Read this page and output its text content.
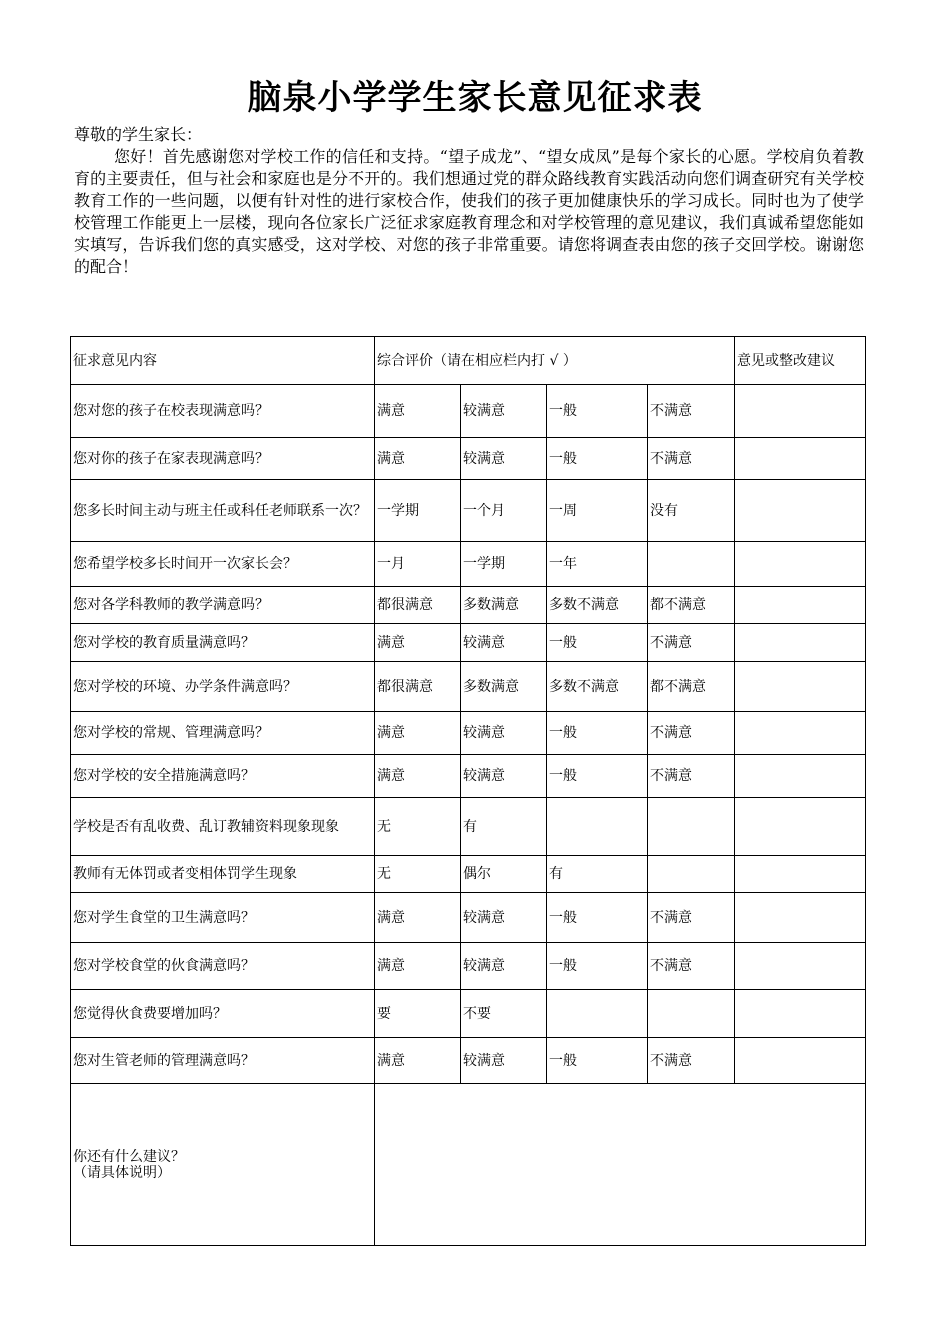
脑泉小学学生家长意见征求表
尊敬的学生家长：

您好！首先感谢您对学校工作的信任和支持。“望子成龙”、“望女成凤”是每个家长的心愿。学校肩负着教育的主要责任，但与社会和家庭也是分不开的。我们想通过党的群众路线教育实践活动向您们调查研究有关学校教育工作的一些问题，以便有针对性的进行家校合作，使我们的孩子更加健康快乐的学习成长。同时也为了使学校管理工作能更上一层楼，现向各位家长广泛征求家庭教育理念和对学校管理的意见建议，我们真诚希望您能如实填写，告诉我们您的真实感受，这对学校、对您的孩子非常重要。请您将调查表由您的孩子交回学校。谢谢您的配合！

征求意见内容	综合评价（请在相应栏内打 √ ）				意见或整改建议
您对您的孩子在校表现满意吗？	满意	较满意	一般	不满意	
您对你的孩子在家表现满意吗？	满意	较满意	一般	不满意	
您多长时间主动与班主任或科任老师联系一次？	一学期	一个月	一周	没有	
您希望学校多长时间开一次家长会？	一月	一学期	一年		
您对各学科教师的教学满意吗？	都很满意	多数满意	多数不满意	都不满意	
您对学校的教育质量满意吗？	满意	较满意	一般	不满意	
您对学校的环境、办学条件满意吗？	都很满意	多数满意	多数不满意	都不满意	
您对学校的常规、管理满意吗？	满意	较满意	一般	不满意	
您对学校的安全措施满意吗？	满意	较满意	一般	不满意	
学校是否有乱收费、乱订教辅资料现象现象	无	有			
教师有无体罚或者变相体罚学生现象	无	偶尔	有		
您对学生食堂的卫生满意吗？	满意	较满意	一般	不满意	
您对学校食堂的伙食满意吗？	满意	较满意	一般	不满意	
您觉得伙食费要增加吗？	要	不要			
您对生管老师的管理满意吗？	满意	较满意	一般	不满意	

你还有什么建议？
（请具体说明）					
